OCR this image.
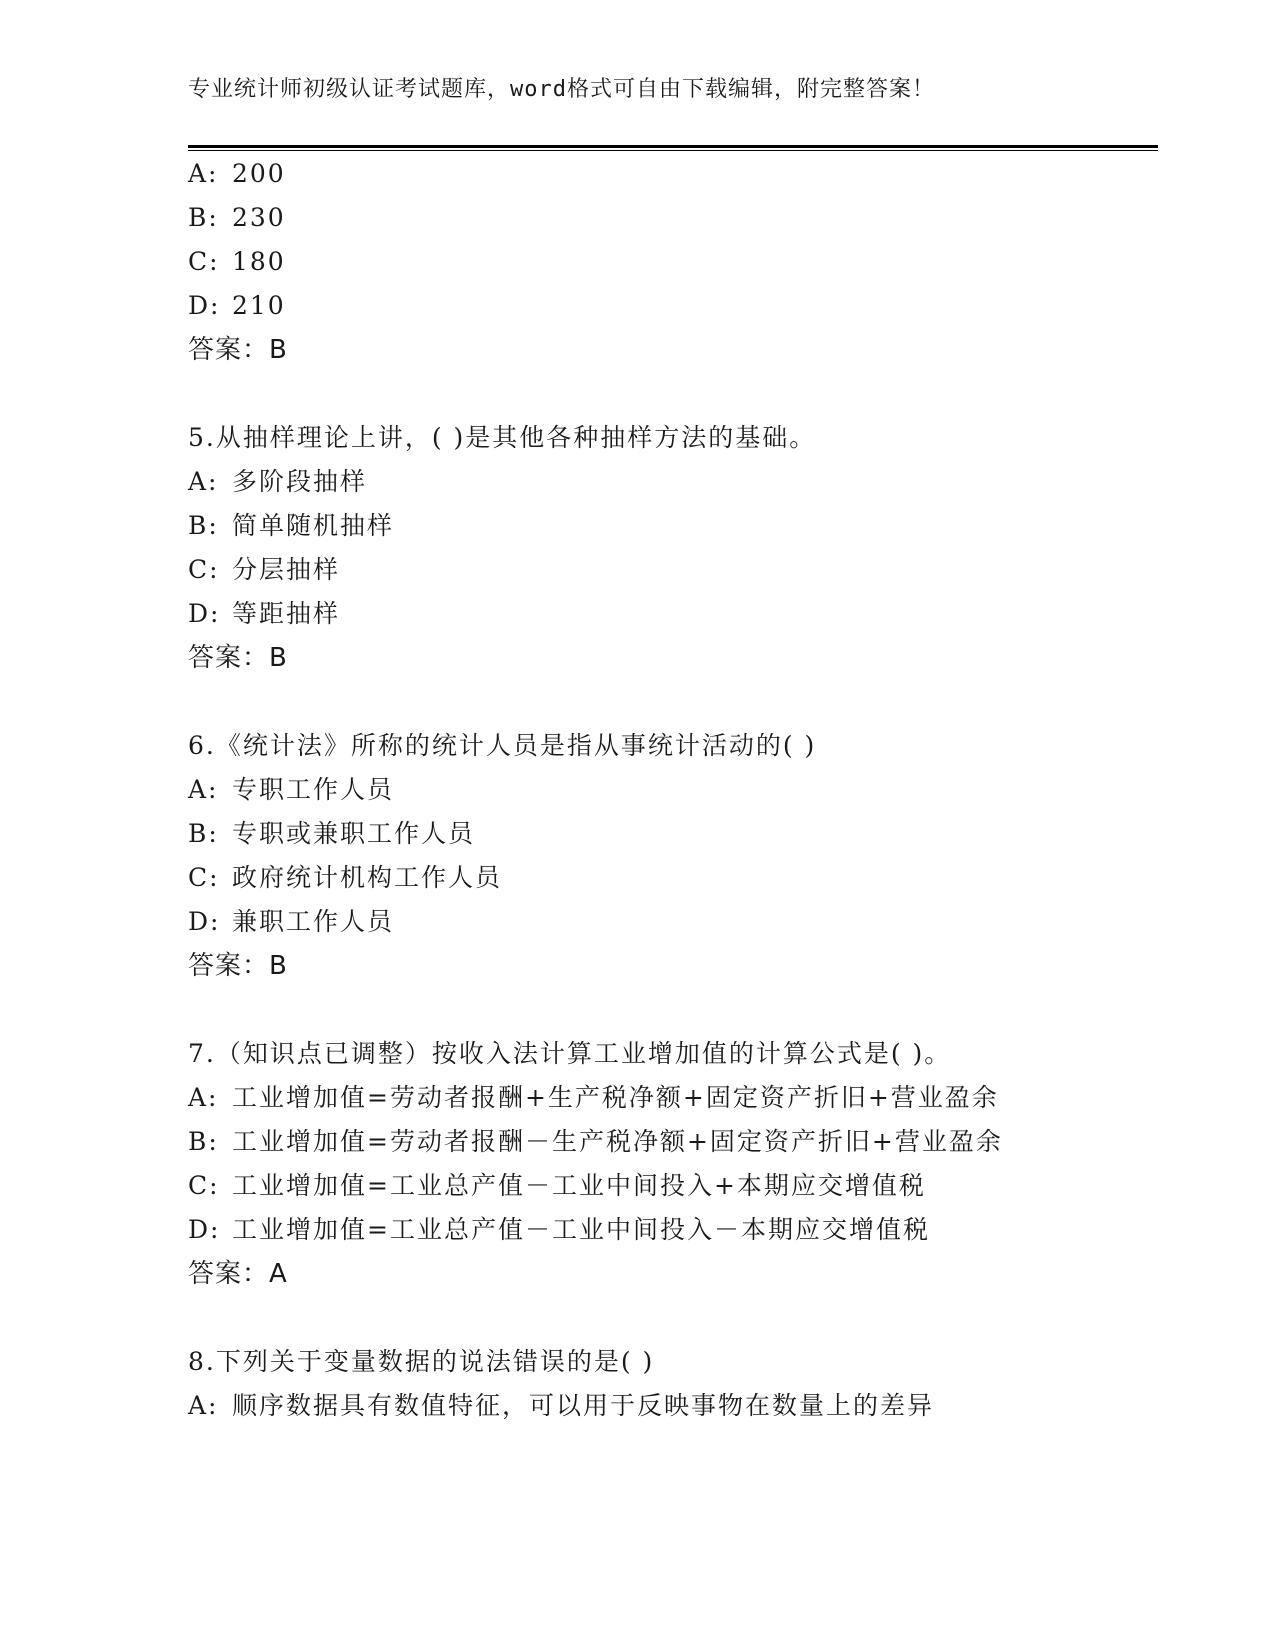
专业统计师初级认证考试题库，word格式可自由下载编辑，附完整答案！
A: 200
B: 230
C: 180
D: 210
答案：B
5.从抽样理论上讲，( )是其他各种抽样方法的基础。
A: 多阶段抽样
B: 简单随机抽样
C: 分层抽样
D: 等距抽样
答案：B
6.《统计法》所称的统计人员是指从事统计活动的( )
A: 专职工作人员
B: 专职或兼职工作人员
C: 政府统计机构工作人员
D: 兼职工作人员
答案：B
7.（知识点已调整）按收入法计算工业增加值的计算公式是( )。
A: 工业增加值=劳动者报酬+生产税净额+固定资产折旧+营业盈余
B: 工业增加值=劳动者报酬－生产税净额+固定资产折旧+营业盈余
C: 工业增加值=工业总产值－工业中间投入+本期应交增值税
D: 工业增加值=工业总产值－工业中间投入－本期应交增值税
答案：A
8.下列关于变量数据的说法错误的是( )
A: 顺序数据具有数值特征，可以用于反映事物在数量上的差异
